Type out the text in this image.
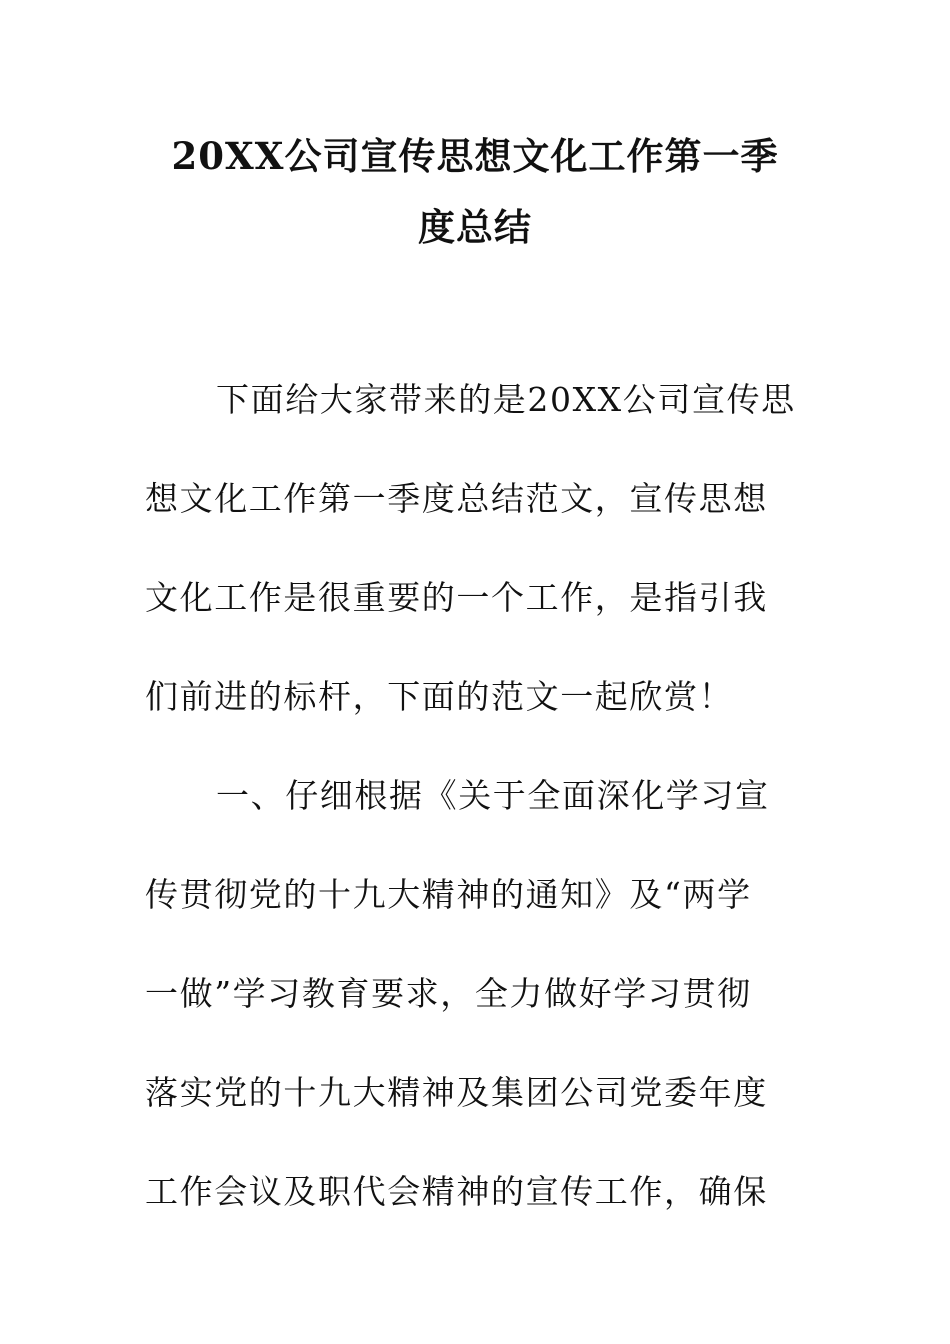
20XX公司宣传思想文化工作第一季
度总结
下面给大家带来的是20XX公司宣传思
想文化工作第一季度总结范文，宣传思想
文化工作是很重要的一个工作，是指引我
们前进的标杆，下面的范文一起欣赏！
一、仔细根据《关于全面深化学习宣
传贯彻党的十九大精神的通知》及“两学
一做”学习教育要求，全力做好学习贯彻
落实党的十九大精神及集团公司党委年度
工作会议及职代会精神的宣传工作，确保
